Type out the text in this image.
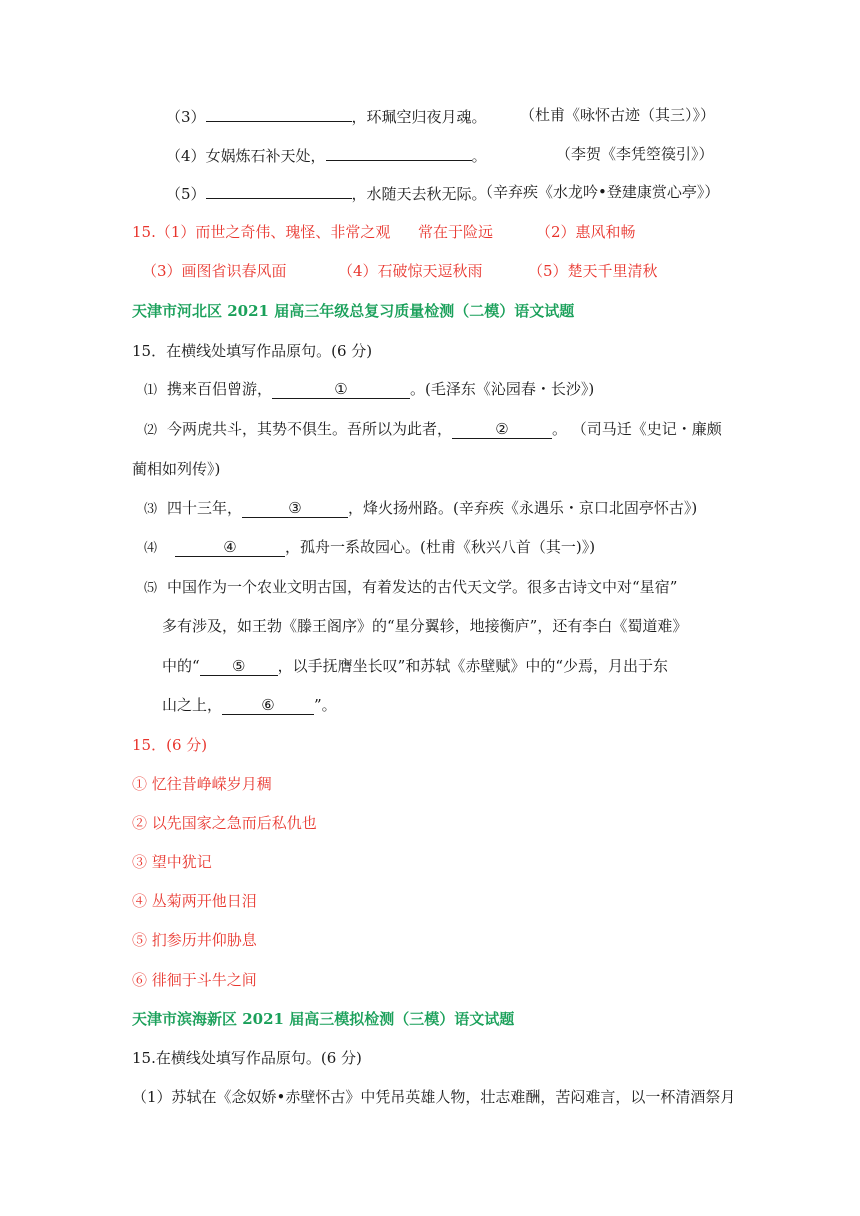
（3）	，环珮空归夜月魂。 （杜甫《咏怀古迹（其三）》）
（4）女娲炼石补天处，	。	（李贺《李凭箜篌引》）
（5）	，水随天去秋无际。
（辛弃疾《水龙吟•登建康赏心亭》）
15.（1）而世之奇伟、瑰怪、非常之观 常在于险远	（2）惠风和畅
（3）画图省识春风面	（4）石破惊天逗秋雨	（5）楚天千里清秋
天津市河北区 2021 届高三年级总复习质量检测（二模）语文试题
15．在横线处填写作品原句。(6 分)
⑴ 携来百侣曾游，	①	。(毛泽东《沁园春・长沙》)
⑵ 今两虎共斗，其势不俱生。吾所以为此者，	②	。 （司马迁《史记・廉颇
蔺相如列传》)
⑶ 四十三年，	③	，烽火扬州路。(辛弃疾《永遇乐・京口北固亭怀古》)
⑷	④	，孤舟一系故园心。(杜甫《秋兴八首（其一)》)
⑸ 中国作为一个农业文明古国，有着发达的古代天文学。很多古诗文中对“星宿”
多有涉及，如王勃《滕王阁序》的“星分翼轸，地接衡庐”，还有李白《蜀道难》
中的“ ⑤ ，以手抚膺坐长叹”和苏轼《赤壁赋》中的“少焉，月出于东
山之上，	⑥	”。
15．(6 分)
① 忆往昔峥嵘岁月稠
② 以先国家之急而后私仇也
③ 望中犹记
④ 丛菊两开他日泪
⑤ 扪参历井仰胁息
⑥ 徘徊于斗牛之间
天津市滨海新区 2021 届高三模拟检测（三模）语文试题
15.在横线处填写作品原句。(6 分)
（1）苏轼在《念奴娇•赤壁怀古》中凭吊英雄人物，壮志难酬，苦闷难言，以一杯清酒祭月
